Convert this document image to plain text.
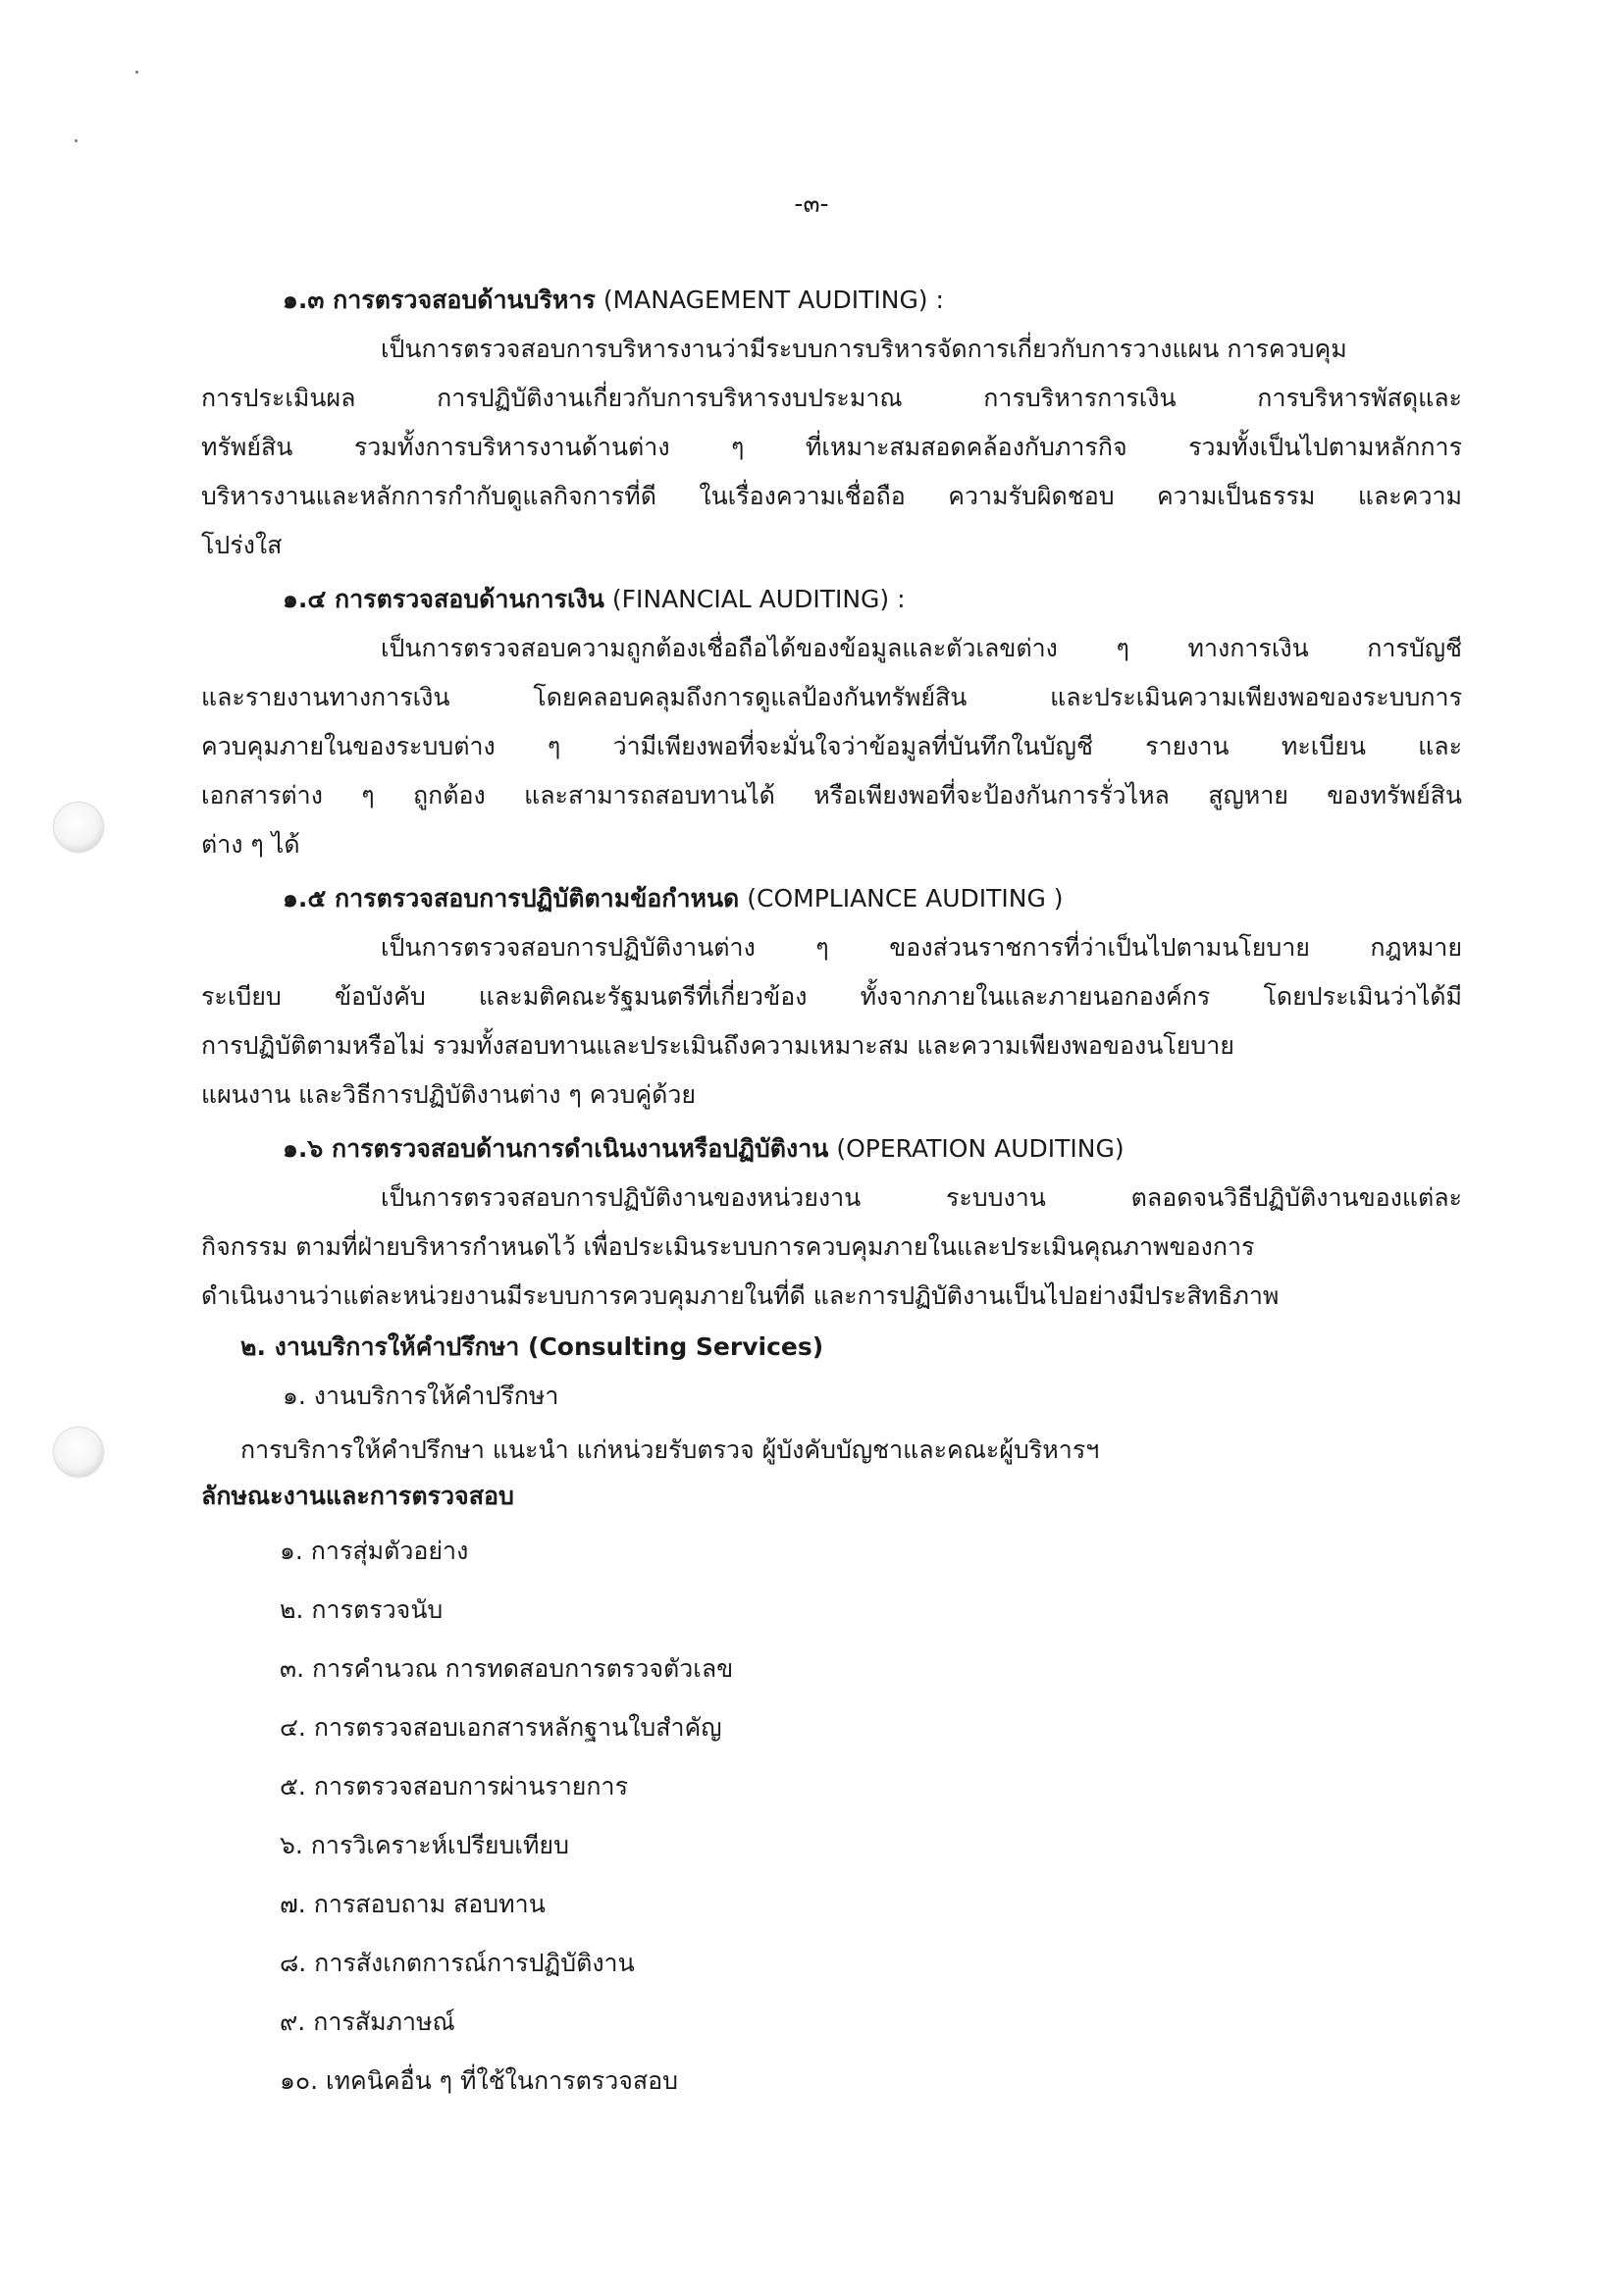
-๓-
๑.๓ การตรวจสอบด้านบริหาร (MANAGEMENT AUDITING) :
เป็นการตรวจสอบการบริหารงานว่ามีระบบการบริหารจัดการเกี่ยวกับการวางแผน การควบคุม
การประเมินผล การปฏิบัติงานเกี่ยวกับการบริหารงบประมาณ การบริหารการเงิน การบริหารพัสดุและ
ทรัพย์สิน รวมทั้งการบริหารงานด้านต่าง ๆ ที่เหมาะสมสอดคล้องกับภารกิจ รวมทั้งเป็นไปตามหลักการ
บริหารงานและหลักการกำกับดูแลกิจการที่ดี ในเรื่องความเชื่อถือ ความรับผิดชอบ ความเป็นธรรม และความ
โปร่งใส
๑.๔ การตรวจสอบด้านการเงิน (FINANCIAL AUDITING) :
เป็นการตรวจสอบความถูกต้องเชื่อถือได้ของข้อมูลและตัวเลขต่าง ๆ ทางการเงิน การบัญชี
และรายงานทางการเงิน โดยคลอบคลุมถึงการดูแลป้องกันทรัพย์สิน และประเมินความเพียงพอของระบบการ
ควบคุมภายในของระบบต่าง ๆ ว่ามีเพียงพอที่จะมั่นใจว่าข้อมูลที่บันทึกในบัญชี รายงาน ทะเบียน และ
เอกสารต่าง ๆ ถูกต้อง และสามารถสอบทานได้ หรือเพียงพอที่จะป้องกันการรั่วไหล สูญหาย ของทรัพย์สิน
ต่าง ๆ ได้
๑.๕ การตรวจสอบการปฏิบัติตามข้อกำหนด (COMPLIANCE AUDITING )
เป็นการตรวจสอบการปฏิบัติงานต่าง ๆ ของส่วนราชการที่ว่าเป็นไปตามนโยบาย กฎหมาย
ระเบียบ ข้อบังคับ และมติคณะรัฐมนตรีที่เกี่ยวข้อง ทั้งจากภายในและภายนอกองค์กร โดยประเมินว่าได้มี
การปฏิบัติตามหรือไม่ รวมทั้งสอบทานและประเมินถึงความเหมาะสม และความเพียงพอของนโยบาย
แผนงาน และวิธีการปฏิบัติงานต่าง ๆ ควบคู่ด้วย
๑.๖ การตรวจสอบด้านการดำเนินงานหรือปฏิบัติงาน (OPERATION AUDITING)
เป็นการตรวจสอบการปฏิบัติงานของหน่วยงาน ระบบงาน ตลอดจนวิธีปฏิบัติงานของแต่ละ
กิจกรรม ตามที่ฝ่ายบริหารกำหนดไว้ เพื่อประเมินระบบการควบคุมภายในและประเมินคุณภาพของการ
ดำเนินงานว่าแต่ละหน่วยงานมีระบบการควบคุมภายในที่ดี และการปฏิบัติงานเป็นไปอย่างมีประสิทธิภาพ
๒. งานบริการให้คำปรึกษา (Consulting Services)
๑. งานบริการให้คำปรึกษา
การบริการให้คำปรึกษา แนะนำ แก่หน่วยรับตรวจ ผู้บังคับบัญชาและคณะผู้บริหารฯ
ลักษณะงานและการตรวจสอบ
๑. การสุ่มตัวอย่าง
๒. การตรวจนับ
๓. การคำนวณ การทดสอบการตรวจตัวเลข
๔. การตรวจสอบเอกสารหลักฐานใบสำคัญ
๕. การตรวจสอบการผ่านรายการ
๖. การวิเคราะห์เปรียบเทียบ
๗. การสอบถาม สอบทาน
๘. การสังเกตการณ์การปฏิบัติงาน
๙. การสัมภาษณ์
๑๐. เทคนิคอื่น ๆ ที่ใช้ในการตรวจสอบ
